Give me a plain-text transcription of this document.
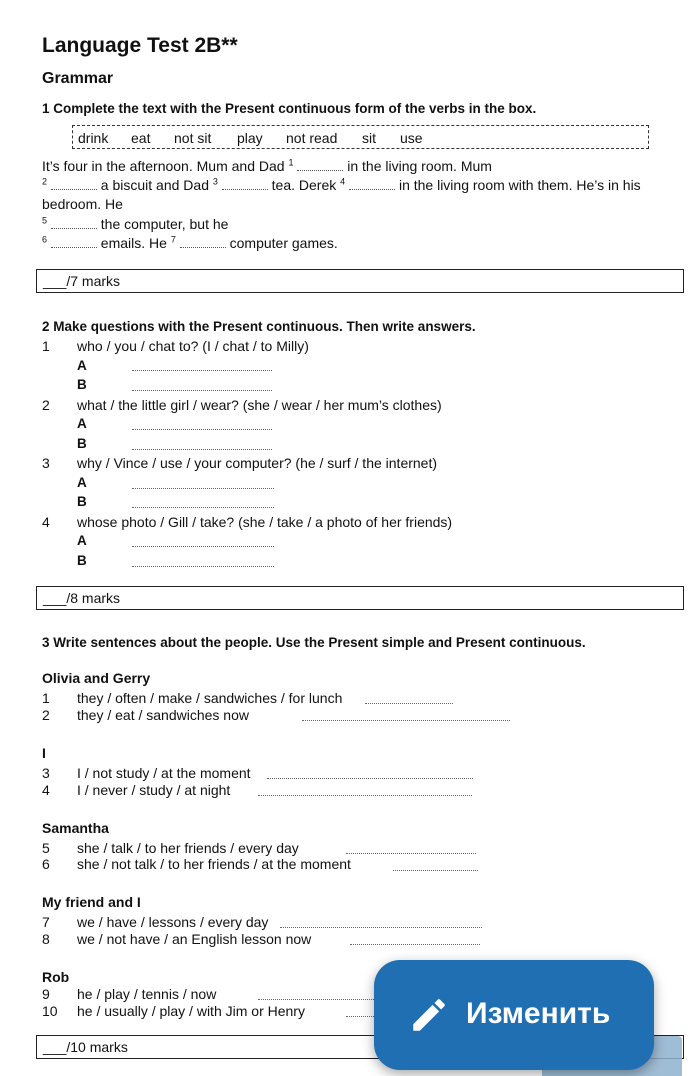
Language Test 2B**
Grammar
1 Complete the text with the Present continuous form of the verbs in the box.
drink eat not sit play not read sit use
It’s four in the afternoon. Mum and Dad $^1$	in the living room. Mum
$^2$	a biscuit and Dad $^3$	tea. Derek $^4$	in the living room with them. He’s in his
bedroom. He
$^5$	the computer, but he
$^6$	emails. He $^7$	computer games.
___/7 marks
2 Make questions with the Present continuous. Then write answers.
1 who / you / chat to? (I / chat / to Milly)
A
B
2 what / the little girl / wear? (she / wear / her mum’s clothes)
A
B
3 why / Vince / use / your computer? (he / surf / the internet)
A
B
4 whose photo / Gill / take? (she / take / a photo of her friends)
A
B
___/8 marks
3 Write sentences about the people. Use the Present simple and Present continuous.
Olivia and Gerry
1 they / often / make / sandwiches / for lunch
2 they / eat / sandwiches now
I
3 I / not study / at the moment
4 I / never / study / at night
Samantha
5 she / talk / to her friends / every day
6 she / not talk / to her friends / at the moment
My friend and I
7 we / have / lessons / every day
8 we / not have / an English lesson now
Rob
9 he / play / tennis / now
10 he / usually / play / with Jim or Henry
___/10 marks
Изменить
